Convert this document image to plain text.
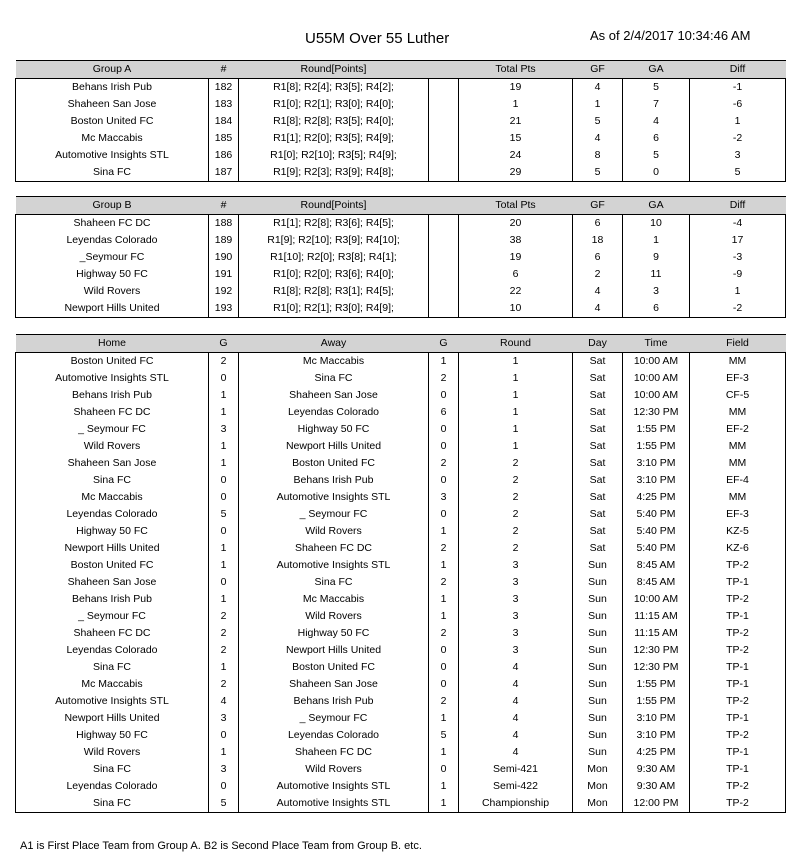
U55M Over 55 Luther	As of 2/4/2017 10:34:46 AM
Group A	#	Round[Points]		Total Pts	GF	GA	Diff
Behans Irish Pub	182	R1[8]; R2[4]; R3[5]; R4[2];		19	4	5	-1
Shaheen San Jose	183	R1[0]; R2[1]; R3[0]; R4[0];		1	1	7	-6
Boston United FC	184	R1[8]; R2[8]; R3[5]; R4[0];		21	5	4	1
Mc Maccabis	185	R1[1]; R2[0]; R3[5]; R4[9];		15	4	6	-2
Automotive Insights STL	186	R1[0]; R2[10]; R3[5]; R4[9];		24	8	5	3
Sina FC	187	R1[9]; R2[3]; R3[9]; R4[8];		29	5	0	5
Group B	#	Round[Points]		Total Pts	GF	GA	Diff
Shaheen FC DC	188	R1[1]; R2[8]; R3[6]; R4[5];		20	6	10	-4
Leyendas Colorado	189	R1[9]; R2[10]; R3[9]; R4[10];		38	18	1	17
_Seymour FC	190	R1[10]; R2[0]; R3[8]; R4[1];		19	6	9	-3
Highway 50 FC	191	R1[0]; R2[0]; R3[6]; R4[0];		6	2	11	-9
Wild Rovers	192	R1[8]; R2[8]; R3[1]; R4[5];		22	4	3	1
Newport Hills United	193	R1[0]; R2[1]; R3[0]; R4[9];		10	4	6	-2
Home	G	Away	G	Round	Day	Time	Field
Boston United FC	2	Mc Maccabis	1	1	Sat	10:00 AM	MM
Automotive Insights STL	0	Sina FC	2	1	Sat	10:00 AM	EF-3
Behans Irish Pub	1	Shaheen San Jose	0	1	Sat	10:00 AM	CF-5
Shaheen FC DC	1	Leyendas Colorado	6	1	Sat	12:30 PM	MM
_ Seymour FC	3	Highway 50 FC	0	1	Sat	1:55 PM	EF-2
Wild Rovers	1	Newport Hills United	0	1	Sat	1:55 PM	MM
Shaheen San Jose	1	Boston United FC	2	2	Sat	3:10 PM	MM
Sina FC	0	Behans Irish Pub	0	2	Sat	3:10 PM	EF-4
Mc Maccabis	0	Automotive Insights STL	3	2	Sat	4:25 PM	MM
Leyendas Colorado	5	_ Seymour FC	0	2	Sat	5:40 PM	EF-3
Highway 50 FC	0	Wild Rovers	1	2	Sat	5:40 PM	KZ-5
Newport Hills United	1	Shaheen FC DC	2	2	Sat	5:40 PM	KZ-6
Boston United FC	1	Automotive Insights STL	1	3	Sun	8:45 AM	TP-2
Shaheen San Jose	0	Sina FC	2	3	Sun	8:45 AM	TP-1
Behans Irish Pub	1	Mc Maccabis	1	3	Sun	10:00 AM	TP-2
_ Seymour FC	2	Wild Rovers	1	3	Sun	11:15 AM	TP-1
Shaheen FC DC	2	Highway 50 FC	2	3	Sun	11:15 AM	TP-2
Leyendas Colorado	2	Newport Hills United	0	3	Sun	12:30 PM	TP-2
Sina FC	1	Boston United FC	0	4	Sun	12:30 PM	TP-1
Mc Maccabis	2	Shaheen San Jose	0	4	Sun	1:55 PM	TP-1
Automotive Insights STL	4	Behans Irish Pub	2	4	Sun	1:55 PM	TP-2
Newport Hills United	3	_ Seymour FC	1	4	Sun	3:10 PM	TP-1
Highway 50 FC	0	Leyendas Colorado	5	4	Sun	3:10 PM	TP-2
Wild Rovers	1	Shaheen FC DC	1	4	Sun	4:25 PM	TP-1
Sina FC	3	Wild Rovers	0	Semi-421	Mon	9:30 AM	TP-1
Leyendas Colorado	0	Automotive Insights STL	1	Semi-422	Mon	9:30 AM	TP-2
Sina FC	5	Automotive Insights STL	1	Championship	Mon	12:00 PM	TP-2
A1 is First Place Team from Group A. B2 is Second Place Team from Group B. etc.
